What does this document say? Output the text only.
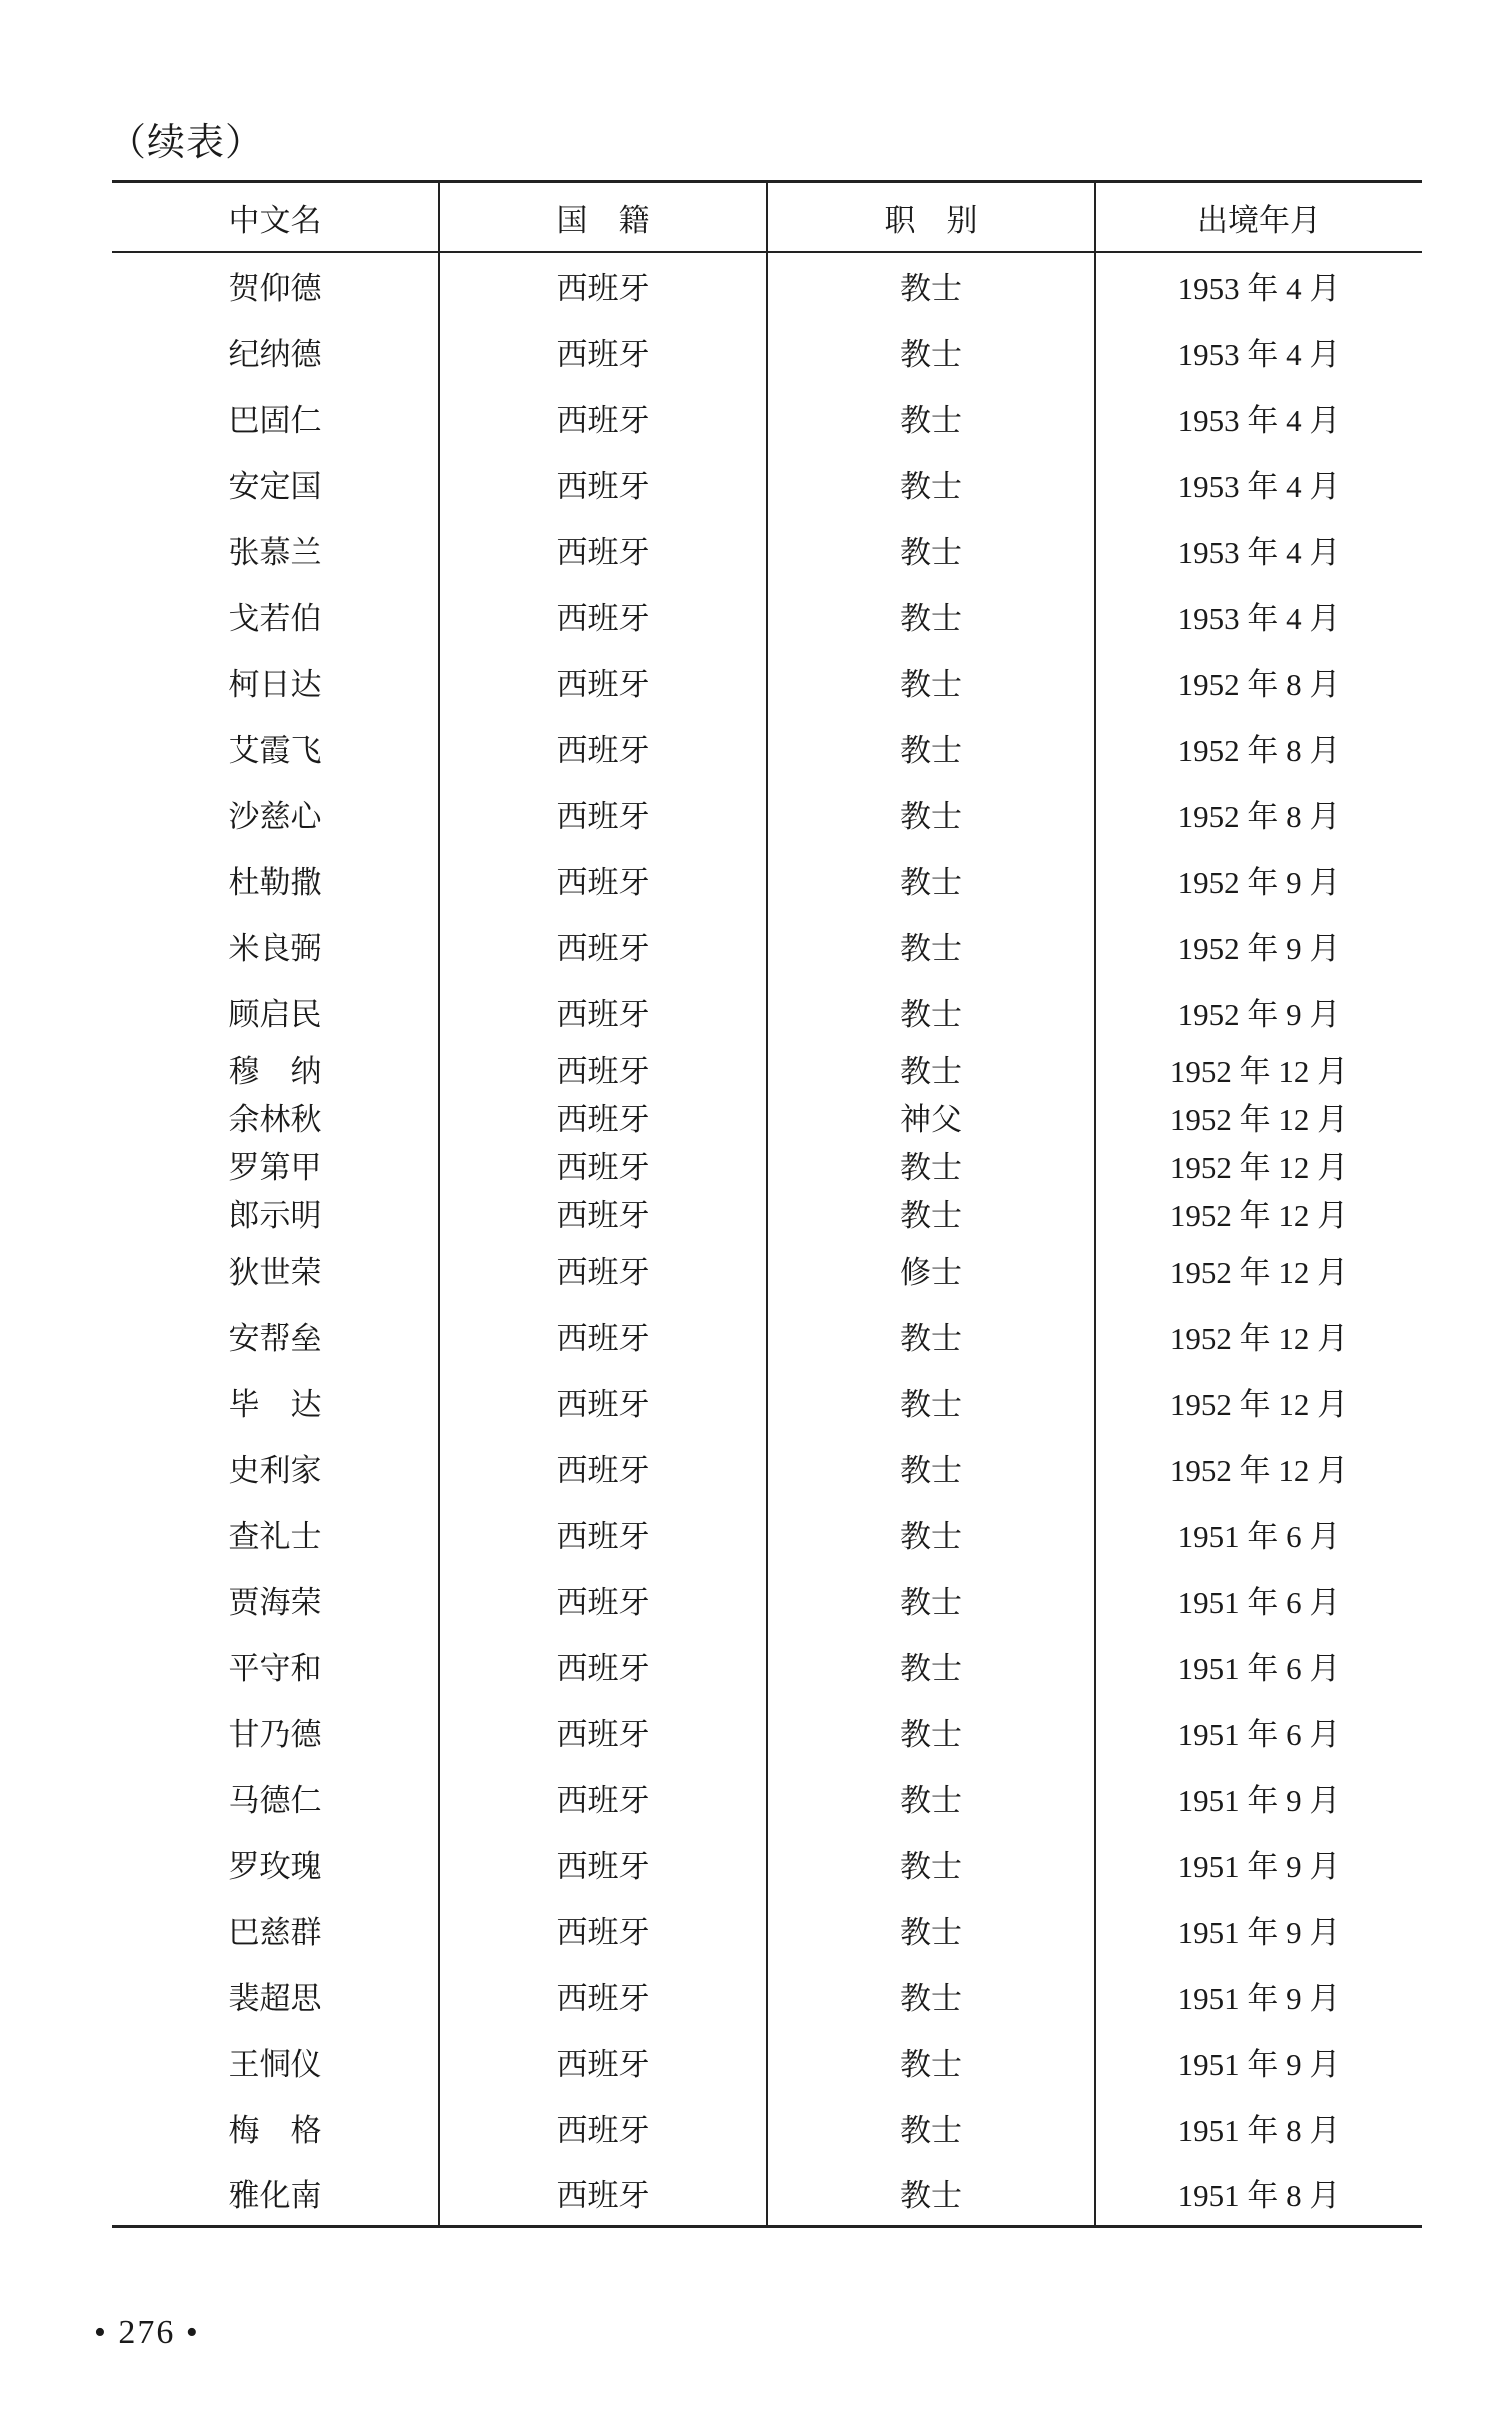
（续表）
中文名	国　籍	职　别	出境年月
贺仰德	西班牙	教士	1953 年 4 月
纪纳德	西班牙	教士	1953 年 4 月
巴固仁	西班牙	教士	1953 年 4 月
安定国	西班牙	教士	1953 年 4 月
张慕兰	西班牙	教士	1953 年 4 月
戈若伯	西班牙	教士	1953 年 4 月
柯日达	西班牙	教士	1952 年 8 月
艾霞飞	西班牙	教士	1952 年 8 月
沙慈心	西班牙	教士	1952 年 8 月
杜勒撒	西班牙	教士	1952 年 9 月
米良弼	西班牙	教士	1952 年 9 月
顾启民	西班牙	教士	1952 年 9 月
穆　纳	西班牙	教士	1952 年 12 月
余林秋	西班牙	神父	1952 年 12 月
罗第甲	西班牙	教士	1952 年 12 月
郎示明	西班牙	教士	1952 年 12 月
狄世荣	西班牙	修士	1952 年 12 月
安帮垒	西班牙	教士	1952 年 12 月
毕　达	西班牙	教士	1952 年 12 月
史利家	西班牙	教士	1952 年 12 月
查礼士	西班牙	教士	1951 年 6 月
贾海荣	西班牙	教士	1951 年 6 月
平守和	西班牙	教士	1951 年 6 月
甘乃德	西班牙	教士	1951 年 6 月
马德仁	西班牙	教士	1951 年 9 月
罗玫瑰	西班牙	教士	1951 年 9 月
巴慈群	西班牙	教士	1951 年 9 月
裴超思	西班牙	教士	1951 年 9 月
王恫仪	西班牙	教士	1951 年 9 月
梅　格	西班牙	教士	1951 年 8 月
雅化南	西班牙	教士	1951 年 8 月
• 276 •
